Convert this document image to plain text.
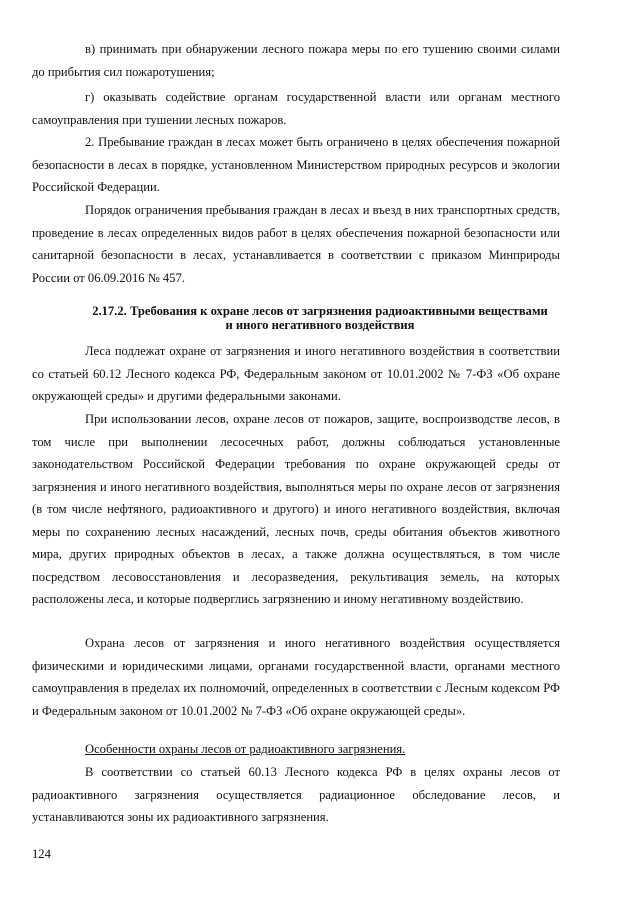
в) принимать при обнаружении лесного пожара меры по его тушению своими силами до прибытия сил пожаротушения;

г) оказывать содействие органам государственной власти или органам местного самоуправления при тушении лесных пожаров.

2. Пребывание граждан в лесах может быть ограничено в целях обеспечения пожарной безопасности в лесах в порядке, установленном Министерством природных ресурсов и экологии Российской Федерации.

Порядок ограничения пребывания граждан в лесах и въезд в них транспортных средств, проведение в лесах определенных видов работ в целях обеспечения пожарной безопасности или санитарной безопасности в лесах, устанавливается в соответствии с приказом Минприроды России от 06.09.2016 № 457.

2.17.2. Требования к охране лесов от загрязнения радиоактивными веществами
и иного негативного воздействия

Леса подлежат охране от загрязнения и иного негативного воздействия в соответствии со статьей 60.12 Лесного кодекса РФ, Федеральным законом от 10.01.2002 № 7-ФЗ «Об охране окружающей среды» и другими федеральными законами.

При использовании лесов, охране лесов от пожаров, защите, воспроизводстве лесов, в том числе при выполнении лесосечных работ, должны соблюдаться установленные законодательством Российской Федерации требования по охране окружающей среды от загрязнения и иного негативного воздействия, выполняться меры по охране лесов от загрязнения (в том числе нефтяного, радиоактивного и другого) и иного негативного воздействия, включая меры по сохранению лесных насаждений, лесных почв, среды обитания объектов животного мира, других природных объектов в лесах, а также должна осуществляться, в том числе посредством лесовосстановления и лесоразведения, рекультивация земель, на которых расположены леса, и которые подверглись загрязнению и иному негативному воздействию.

Охрана лесов от загрязнения и иного негативного воздействия осуществляется физическими и юридическими лицами, органами государственной власти, органами местного самоуправления в пределах их полномочий, определенных в соответствии с Лесным кодексом РФ и Федеральным законом от 10.01.2002 № 7-ФЗ «Об охране окружающей среды».

Особенности охраны лесов от радиоактивного загрязнения.

В соответствии со статьей 60.13 Лесного кодекса РФ в целях охраны лесов от радиоактивного загрязнения осуществляется радиационное обследование лесов, и устанавливаются зоны их радиоактивного загрязнения.

124
